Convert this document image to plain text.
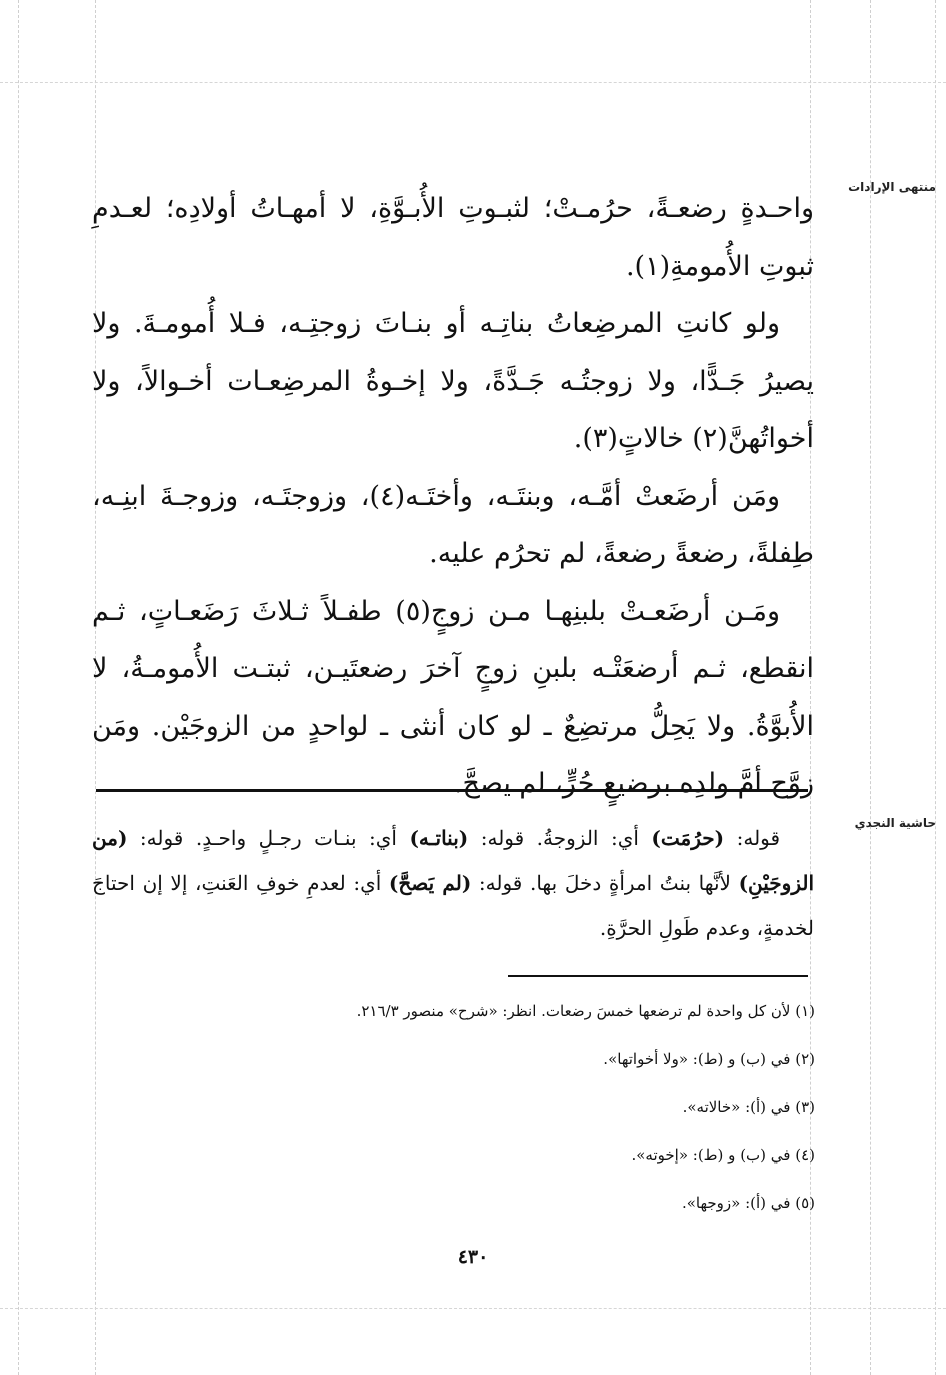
منتهى الإرادات
حاشية النجدي

واحـدةٍ رضعـةً، حرُمـتْ؛ لثبـوتِ الأُبـوَّةِ، لا أمهـاتُ أولادِه؛ لعـدمِ ثبوتِ الأُمومةِ(١).

ولو كانتِ المرضِعاتُ بناتِـه أو بنـاتَ زوجتِـه، فـلا أُمومـةَ. ولا يصيرُ جَـدًّا، ولا زوجتُـه جَـدَّةً، ولا إخـوةُ المرضِعـات أخـوالاً، ولا أخواتُهنَّ(٢) خالاتٍ(٣).

ومَن أرضَعتْ أمَّـه، وبنتَـه، وأختَـه(٤)، وزوجتَـه، وزوجـةَ ابنِـه، طِفلةً، رضعةً رضعةً، لم تحرُم عليه.

ومَـن أرضَعـتْ بلبنِهـا مـن زوجٍ(٥) طفـلاً ثـلاثَ رَضَعـاتٍ، ثـم انقطع، ثـم أرضعَتْـه بلبنِ زوجٍ آخرَ رضعتَيـن، ثبتـت الأُمومـةُ، لا الأُبوَّةُ. ولا يَحِلُّ مرتضِعٌ ـ لو كان أنثى ـ لواحدٍ من الزوجَيْن. ومَن زوَّج أمَّ ولدِه برضيعٍ حُرٍّ، لم يصحَّ.

قوله: (حرُمَت) أي: الزوجةُ. قوله: (بناتـه) أي: بنـات رجـلٍ واحـدٍ. قوله: (من الزوجَيْنِ) لأنَّها بنتُ امرأةٍ دخلَ بها. قوله: (لم يَصحَّ) أي: لعدمِ خوفِ العَنتِ، إلا إن احتاجَ لخدمةٍ، وعدم طَولِ الحرَّةِ.

(١) لأن كل واحدة لم ترضعها خمسَ رضعات. انظر: «شرح» منصور ٢١٦/٣.
(٢) في (ب) و (ط): «ولا أخواتها».
(٣) في (أ): «خالاته».
(٤) في (ب) و (ط): «إخوته».
(٥) في (أ): «زوجها».
٤٣٠
